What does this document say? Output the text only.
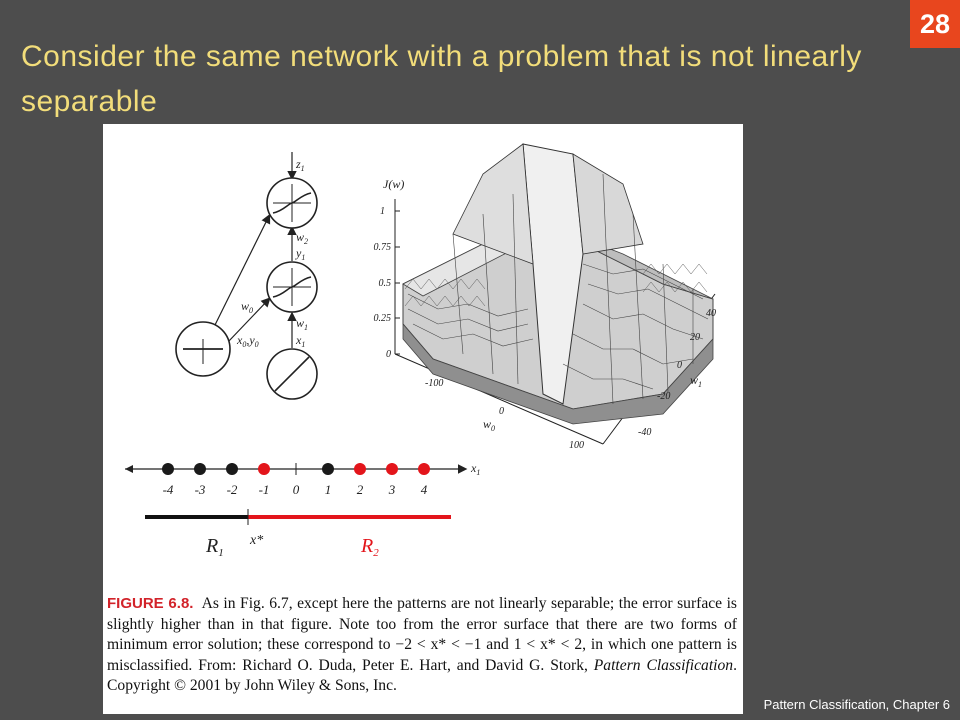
28
Consider the same network with a problem that is not linearly separable
$z_1$
$w_2$
$y_1$
$w_1$
$x_1$
$w_0$
$x_0,y_0$
J(w)
1
0.75
0.5
0.25
0
-100
0
100
$w_0$
40
20
0
-20
-40
$w_1$
$x_1$
-4 -3 -2 -1 0 1 2 3 4
x*
$R_1$	$R_2$
FIGURE 6.8. As in Fig. 6.7, except here the patterns are not linearly separable; the error surface is slightly higher than in that figure. Note too from the error surface that there are two forms of minimum error solution; these correspond to −2 < x* < −1 and 1 < x* < 2, in which one pattern is misclassified. From: Richard O. Duda, Peter E. Hart, and David G. Stork, Pattern Classification. Copyright © 2001 by John Wiley & Sons, Inc.
Pattern Classification, Chapter 6
